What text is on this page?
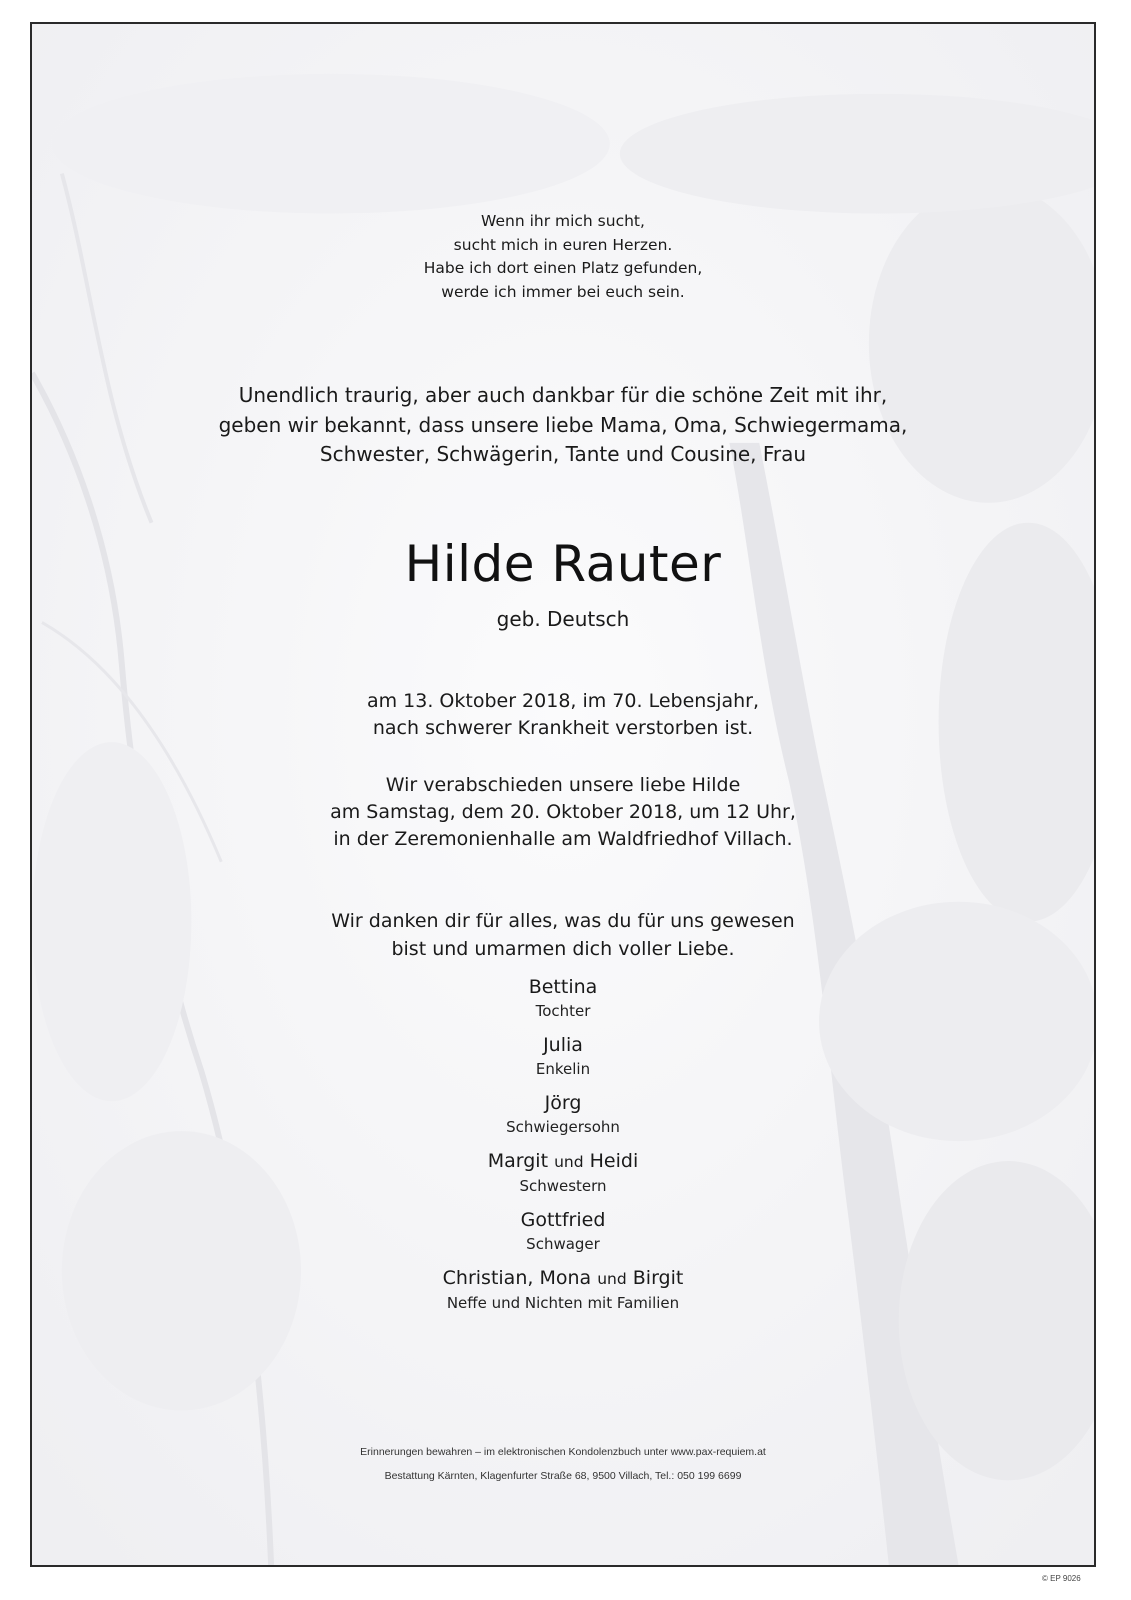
Wenn ihr mich sucht,
sucht mich in euren Herzen.
Habe ich dort einen Platz gefunden,
werde ich immer bei euch sein.
Unendlich traurig, aber auch dankbar für die schöne Zeit mit ihr,
geben wir bekannt, dass unsere liebe Mama, Oma, Schwiegermama,
Schwester, Schwägerin, Tante und Cousine, Frau
Hilde Rauter
geb. Deutsch
am 13. Oktober 2018, im 70. Lebensjahr,
nach schwerer Krankheit verstorben ist.
Wir verabschieden unsere liebe Hilde
am Samstag, dem 20. Oktober 2018, um 12 Uhr,
in der Zeremonienhalle am Waldfriedhof Villach.
Wir danken dir für alles, was du für uns gewesen
bist und umarmen dich voller Liebe.
Bettina
Tochter
Julia
Enkelin
Jörg
Schwiegersohn
Margit und Heidi
Schwestern
Gottfried
Schwager
Christian, Mona und Birgit
Neffe und Nichten mit Familien
Erinnerungen bewahren – im elektronischen Kondolenzbuch unter www.pax-requiem.at
Bestattung Kärnten, Klagenfurter Straße 68, 9500 Villach, Tel.: 050 199 6699
© EP 9026
